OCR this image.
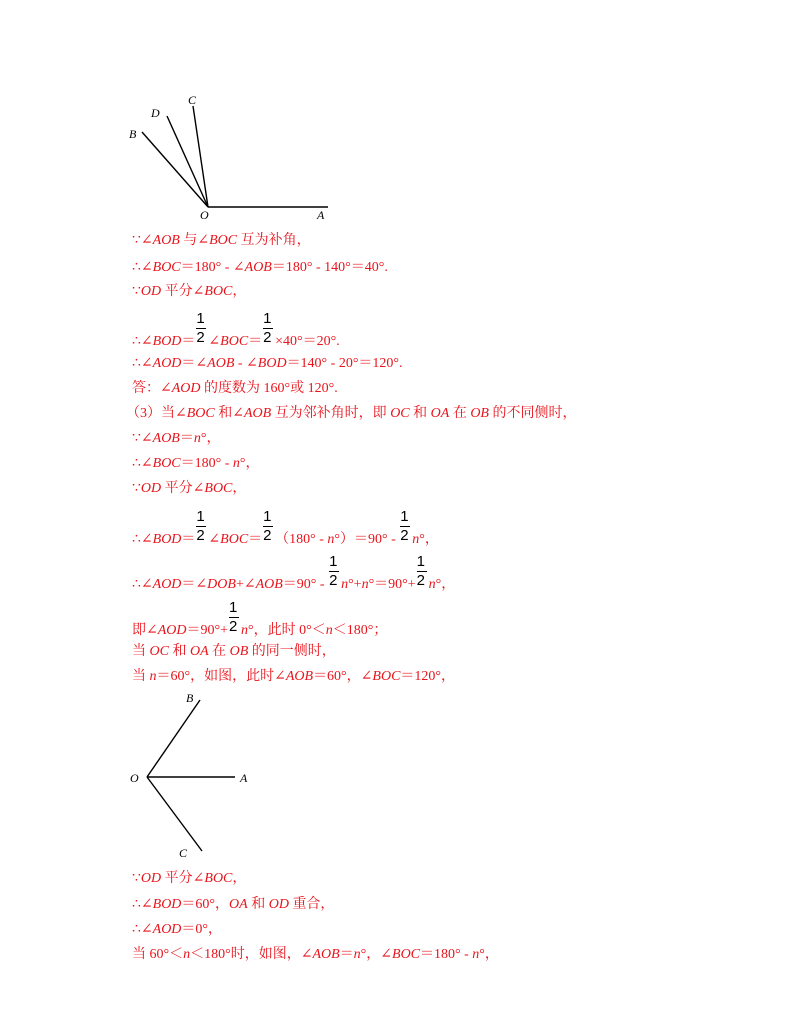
B
D
C
O	A
∵∠AOB 与∠BOC 互为补角，
∴∠BOC＝180° - ∠AOB＝180° - 140°＝40°.
∵OD 平分∠BOC，
∴∠BOD＝ $\frac{1}{2}$ ∠BOC＝ $\frac{1}{2} \times 40^\circ=20^\circ$.
∴∠AOD＝∠AOB - ∠BOD＝140° - 20°＝120°.
答：∠AOD 的度数为 160°或 120°.
（3）当∠BOC 和∠AOB 互为邻补角时，即 OC 和 OA 在 OB 的不同侧时，
∵∠AOB＝n°，
∴∠BOC＝180° - n°，
∵OD 平分∠BOC，
∴∠BOD＝ $\frac{1}{2}$ ∠BOC＝ $\frac{1}{2} (180^\circ - n^\circ)=90^\circ - \frac{1}{2} n^\circ$，
∴∠AOD＝∠DOB+∠AOB＝90° - $\frac{1}{2} n^\circ+n^\circ=90^\circ+ \frac{1}{2} n^\circ$，
即∠AOD＝90°+ $\frac{1}{2} n^\circ$，此时 0°＜n＜180°；
当 OC 和 OA 在 OB 的同一侧时，
当 n＝60°，如图，此时∠AOB＝60°，∠BOC＝120°，
B
O	A
C
∵OD 平分∠BOC，
∴∠BOD＝60°，OA 和 OD 重合，
∴∠AOD＝0°，
当 60°＜n＜180°时，如图，∠AOB＝n°，∠BOC＝180° - n°，
